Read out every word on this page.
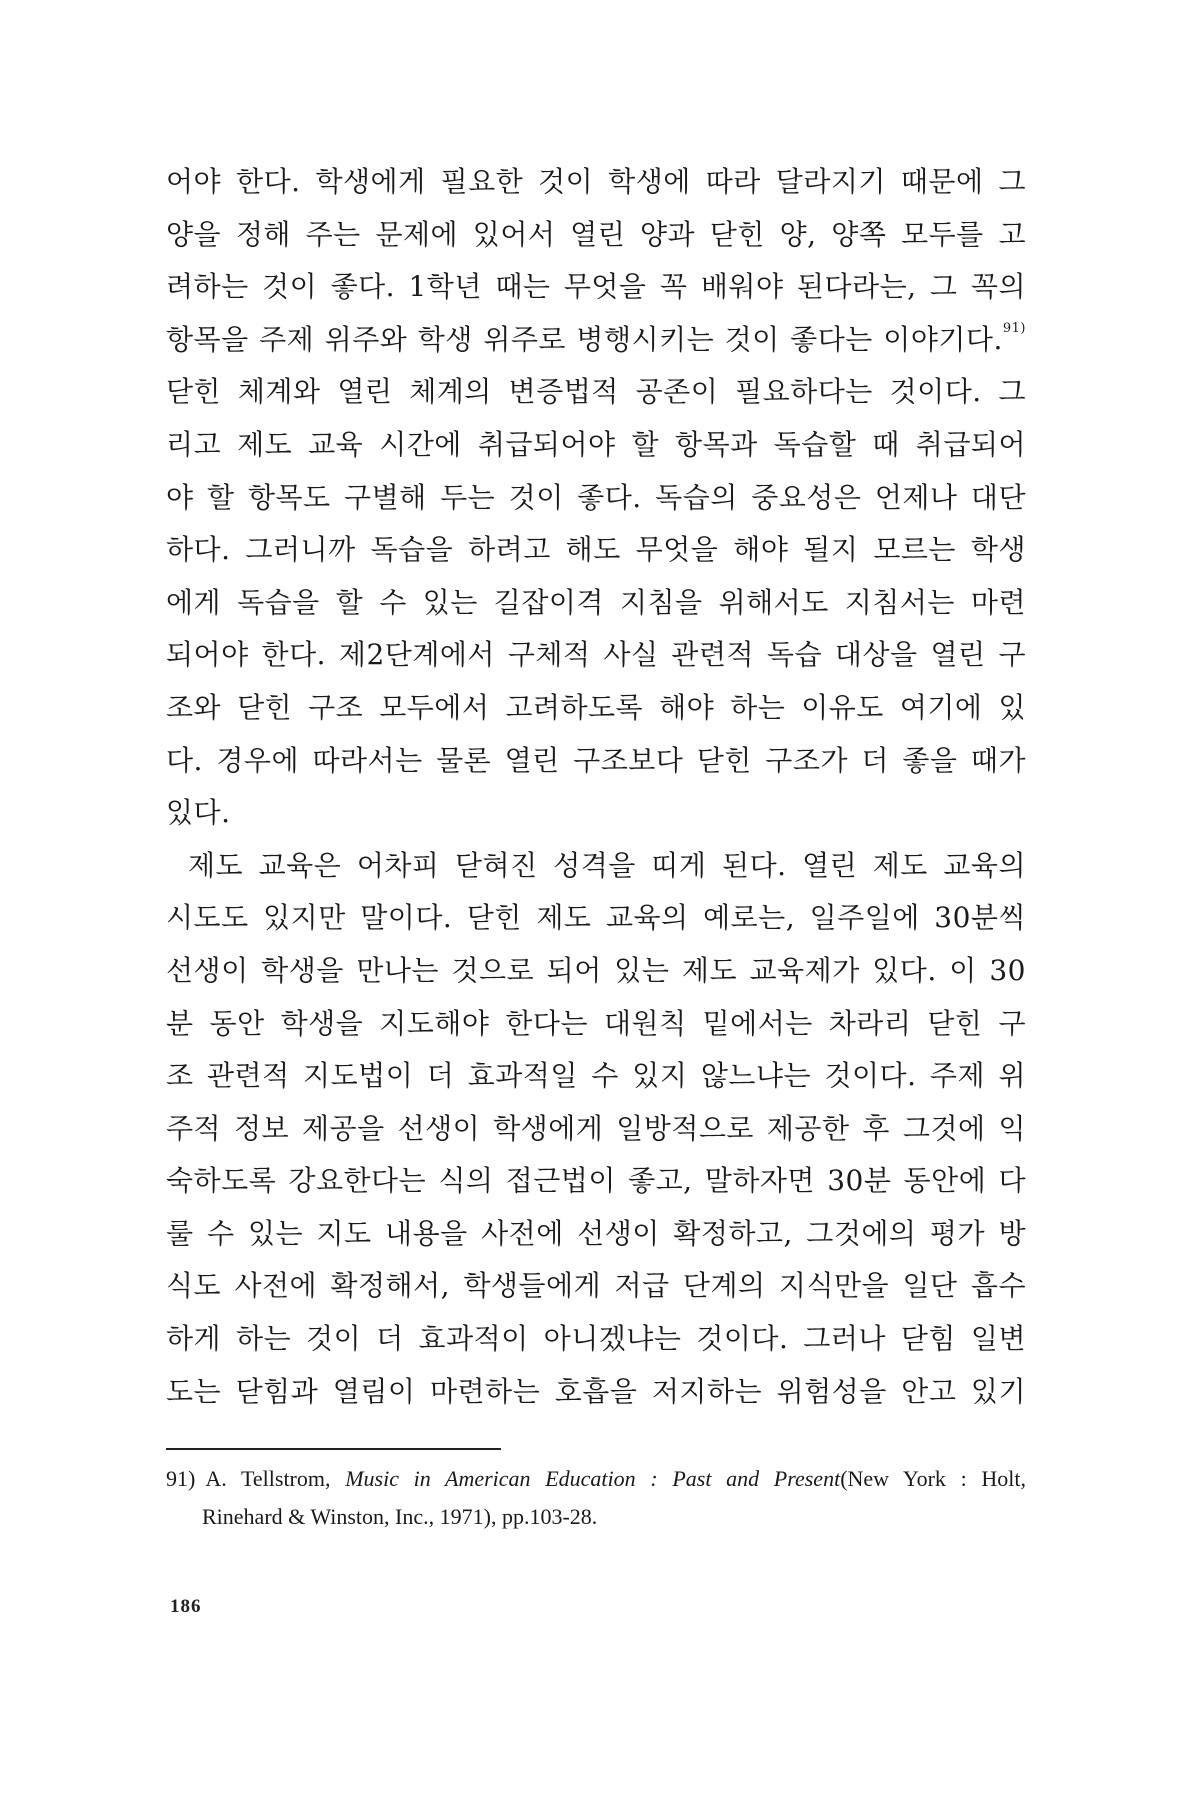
어야 한다. 학생에게 필요한 것이 학생에 따라 달라지기 때문에 그
양을 정해 주는 문제에 있어서 열린 양과 닫힌 양, 양쪽 모두를 고
려하는 것이 좋다. 1학년 때는 무엇을 꼭 배워야 된다라는, 그 꼭의
항목을 주제 위주와 학생 위주로 병행시키는 것이 좋다는 이야기다.$^{91)}$
닫힌 체계와 열린 체계의 변증법적 공존이 필요하다는 것이다. 그
리고 제도 교육 시간에 취급되어야 할 항목과 독습할 때 취급되어
야 할 항목도 구별해 두는 것이 좋다. 독습의 중요성은 언제나 대단
하다. 그러니까 독습을 하려고 해도 무엇을 해야 될지 모르는 학생
에게 독습을 할 수 있는 길잡이격 지침을 위해서도 지침서는 마련
되어야 한다. 제2단계에서 구체적 사실 관련적 독습 대상을 열린 구
조와 닫힌 구조 모두에서 고려하도록 해야 하는 이유도 여기에 있
다. 경우에 따라서는 물론 열린 구조보다 닫힌 구조가 더 좋을 때가
있다.
제도 교육은 어차피 닫혀진 성격을 띠게 된다. 열린 제도 교육의
시도도 있지만 말이다. 닫힌 제도 교육의 예로는, 일주일에 30분씩
선생이 학생을 만나는 것으로 되어 있는 제도 교육제가 있다. 이 30
분 동안 학생을 지도해야 한다는 대원칙 밑에서는 차라리 닫힌 구
조 관련적 지도법이 더 효과적일 수 있지 않느냐는 것이다. 주제 위
주적 정보 제공을 선생이 학생에게 일방적으로 제공한 후 그것에 익
숙하도록 강요한다는 식의 접근법이 좋고, 말하자면 30분 동안에 다
룰 수 있는 지도 내용을 사전에 선생이 확정하고, 그것에의 평가 방
식도 사전에 확정해서, 학생들에게 저급 단계의 지식만을 일단 흡수
하게 하는 것이 더 효과적이 아니겠냐는 것이다. 그러나 닫힘 일변
도는 닫힘과 열림이 마련하는 호흡을 저지하는 위험성을 안고 있기
91) A. Tellstrom, Music in American Education : Past and Present(New York : Holt,
Rinehard & Winston, Inc., 1971), pp.103-28.
186
